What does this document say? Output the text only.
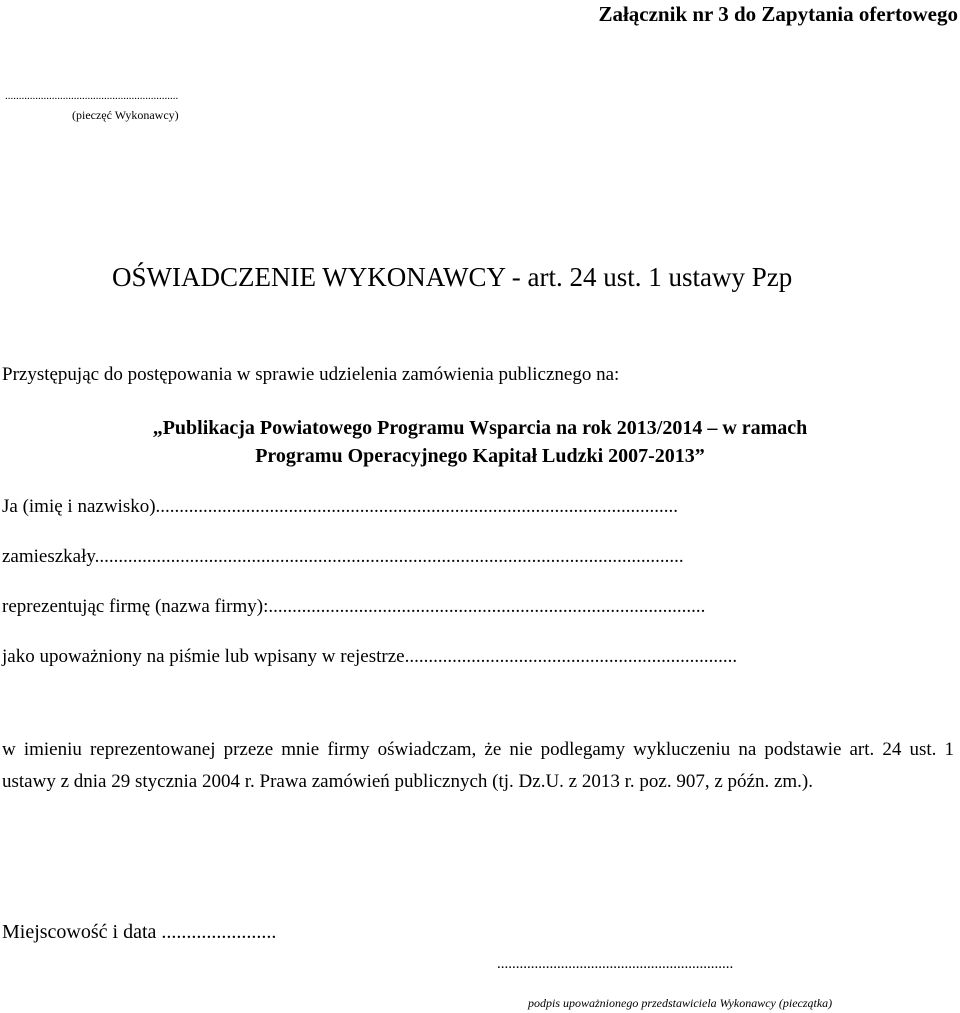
Załącznik nr 3 do Zapytania ofertowego
...............................................................
(pieczęć Wykonawcy)
OŚWIADCZENIE WYKONAWCY - art. 24 ust. 1 ustawy Pzp
Przystępując do postępowania w sprawie udzielenia zamówienia publicznego na:
„Publikacja Powiatowego Programu Wsparcia na rok 2013/2014 – w ramach
Programu Operacyjnego Kapitał Ludzki 2007-2013”
Ja (imię i nazwisko)..............................................................................................................
zamieszkały............................................................................................................................
reprezentując firmę (nazwa firmy):............................................................................................
jako upoważniony na piśmie lub wpisany w rejestrze......................................................................
w imieniu reprezentowanej przeze mnie firmy oświadczam, że nie podlegamy wykluczeniu na podstawie art. 24 ust. 1 ustawy z dnia 29 stycznia 2004 r. Prawa zamówień publicznych (tj. Dz.U. z 2013 r. poz. 907, z późn. zm.).
Miejscowość i data .......................
...............................................................
podpis upoważnionego przedstawiciela Wykonawcy (pieczątka)
